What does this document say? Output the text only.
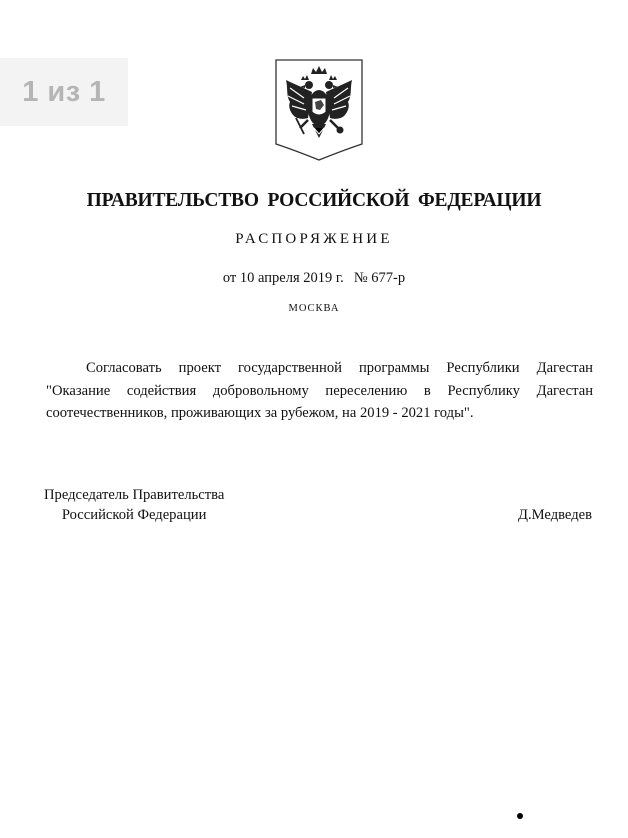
1 из 1
ПРАВИТЕЛЬСТВО РОССИЙСКОЙ ФЕДЕРАЦИИ
РАСПОРЯЖЕНИЕ
от 10 апреля 2019 г. № 677-р
МОСКВА
Согласовать проект государственной программы Республики Дагестан "Оказание содействия добровольному переселению в Республику Дагестан соотечественников, проживающих за рубежом, на 2019 - 2021 годы".
Председатель Правительства
Российской Федерации	Д.Медведев
